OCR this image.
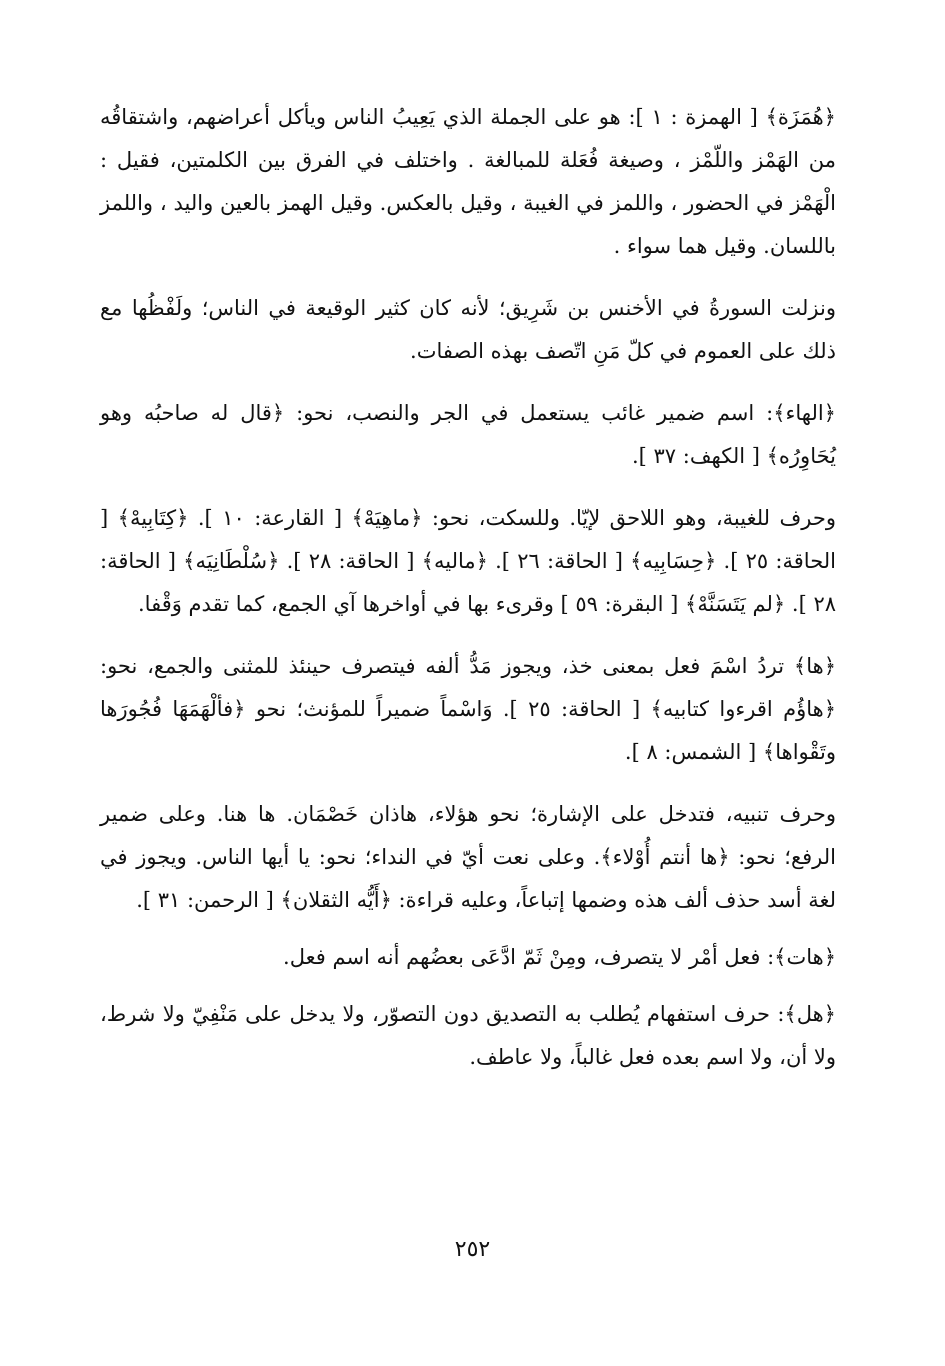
﴿هُمَزَة﴾ [ الهمزة : ١ ]: هو على الجملة الذي يَعِيبُ الناس ويأكل أعراضهم، واشتقاقُه من الهَمْز واللّمْز ، وصيغة فُعَلة للمبالغة . واختلف في الفرق بين الكلمتين، فقيل : الْهَمْز في الحضور ، واللمز في الغيبة ، وقيل بالعكس. وقيل الهمز بالعين واليد ، واللمز باللسان. وقيل هما سواء .

ونزلت السورةُ في الأخنس بن شَرِيق؛ لأنه كان كثير الوقيعة في الناس؛ ولَفْظُها مع ذلك على العموم في كلّ مَنِ اتّصف بهذه الصفات.

﴿الهاء﴾: اسم ضمير غائب يستعمل في الجر والنصب، نحو: ﴿قال له صاحبُه وهو يُحَاوِرُه﴾ [ الكهف: ٣٧ ].

وحرف للغيبة، وهو اللاحق لإيّا. وللسكت، نحو: ﴿ماهِيَهْ﴾ [ القارعة: ١٠ ]. ﴿كِتَابِيهْ﴾ [ الحاقة: ٢٥ ]. ﴿حِسَابِيه﴾ [ الحاقة: ٢٦ ]. ﴿ماليه﴾ [ الحاقة: ٢٨ ]. ﴿سُلْطَانِيَه﴾ [ الحاقة: ٢٨ ]. ﴿لم يَتَسَنَّهْ﴾ [ البقرة: ٥٩ ] وقرىء بها في أواخرها آي الجمع، كما تقدم وَقْفا.

﴿ها﴾ تردُ اسْمَ فعل بمعنى خذ، ويجوز مَدُّ ألفه فيتصرف حينئذ للمثنى والجمع، نحو: ﴿هاؤُم اقرءوا كتابيه﴾ [ الحاقة: ٢٥ ]. وَاسْماً ضميراً للمؤنث؛ نحو ﴿فألْهَمَهَا فُجُورَها وتَقْواها﴾ [ الشمس: ٨ ].

وحرف تنبيه، فتدخل على الإشارة؛ نحو هؤلاء، هاذان خَصْمَان. ها هنا. وعلى ضمير الرفع؛ نحو: ﴿ها أنتم أُوْلاء﴾. وعلى نعت أيّ في النداء؛ نحو: يا أيها الناس. ويجوز في لغة أسد حذف ألف هذه وضمها إتباعاً، وعليه قراءة: ﴿أَيُّه الثقلان﴾ [ الرحمن: ٣١ ].

﴿هات﴾: فعل أمْر لا يتصرف، ومِنْ ثَمّ ادَّعَى بعضُهم أنه اسم فعل.

﴿هل﴾: حرف استفهام يُطلب به التصديق دون التصوّر، ولا يدخل على مَنْفِيّ ولا شرط، ولا أن، ولا اسم بعده فعل غالباً، ولا عاطف.

٢٥٢
